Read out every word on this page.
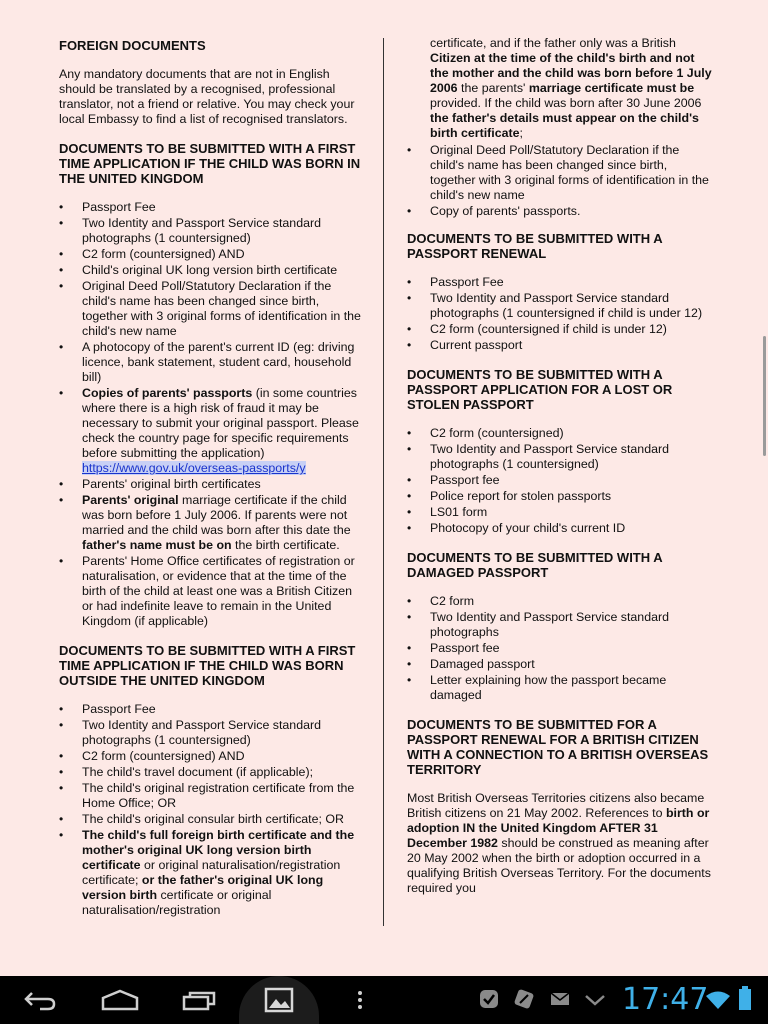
FOREIGN DOCUMENTS

Any mandatory documents that are not in English should be translated by a recognised, professional translator, not a friend or relative. You may check your local Embassy to find a list of recognised translators.

DOCUMENTS TO BE SUBMITTED WITH A FIRST TIME APPLICATION IF THE CHILD WAS BORN IN THE UNITED KINGDOM
• Passport Fee
• Two Identity and Passport Service standard photographs (1 countersigned)
• C2 form (countersigned) AND
• Child's original UK long version birth certificate
• Original Deed Poll/Statutory Declaration if the child's name has been changed since birth, together with 3 original forms of identification in the child's new name
• A photocopy of the parent's current ID (eg: driving licence, bank statement, student card, household bill)
• Copies of parents' passports (in some countries where there is a high risk of fraud it may be necessary to submit your original passport. Please check the country page for specific requirements before submitting the application) https://www.gov.uk/overseas-passports/y
• Parents' original birth certificates
• Parents' original marriage certificate if the child was born before 1 July 2006. If parents were not married and the child was born after this date the father's name must be on the birth certificate.
• Parents' Home Office certificates of registration or naturalisation, or evidence that at the time of the birth of the child at least one was a British Citizen or had indefinite leave to remain in the United Kingdom (if applicable)
DOCUMENTS TO BE SUBMITTED WITH A FIRST TIME APPLICATION IF THE CHILD WAS BORN OUTSIDE THE UNITED KINGDOM
• Passport Fee
• Two Identity and Passport Service standard photographs (1 countersigned)
• C2 form (countersigned) AND
• The child's travel document (if applicable);
• The child's original registration certificate from the Home Office; OR
• The child's original consular birth certificate; OR
• The child's full foreign birth certificate and the mother's original UK long version birth certificate or original naturalisation/registration certificate; or the father's original UK long version birth certificate or original naturalisation/registration
certificate, and if the father only was a British Citizen at the time of the child's birth and not the mother and the child was born before 1 July 2006 the parents' marriage certificate must be provided. If the child was born after 30 June 2006 the father's details must appear on the child's birth certificate;
• Original Deed Poll/Statutory Declaration if the child's name has been changed since birth, together with 3 original forms of identification in the child's new name
• Copy of parents' passports.
DOCUMENTS TO BE SUBMITTED WITH A PASSPORT RENEWAL
• Passport Fee
• Two Identity and Passport Service standard photographs (1 countersigned if child is under 12)
• C2 form (countersigned if child is under 12)
• Current passport
DOCUMENTS TO BE SUBMITTED WITH A PASSPORT APPLICATION FOR A LOST OR STOLEN PASSPORT
• C2 form (countersigned)
• Two Identity and Passport Service standard photographs (1 countersigned)
• Passport fee
• Police report for stolen passports
• LS01 form
• Photocopy of your child's current ID
DOCUMENTS TO BE SUBMITTED WITH A DAMAGED PASSPORT
• C2 form
• Two Identity and Passport Service standard photographs
• Passport fee
• Damaged passport
• Letter explaining how the passport became damaged
DOCUMENTS TO BE SUBMITTED FOR A PASSPORT RENEWAL FOR A BRITISH CITIZEN WITH A CONNECTION TO A BRITISH OVERSEAS TERRITORY

Most British Overseas Territories citizens also became British citizens on 21 May 2002. References to birth or adoption IN the United Kingdom AFTER 31 December 1982 should be construed as meaning after 20 May 2002 when the birth or adoption occurred in a qualifying British Overseas Territory. For the documents required you

17:47
